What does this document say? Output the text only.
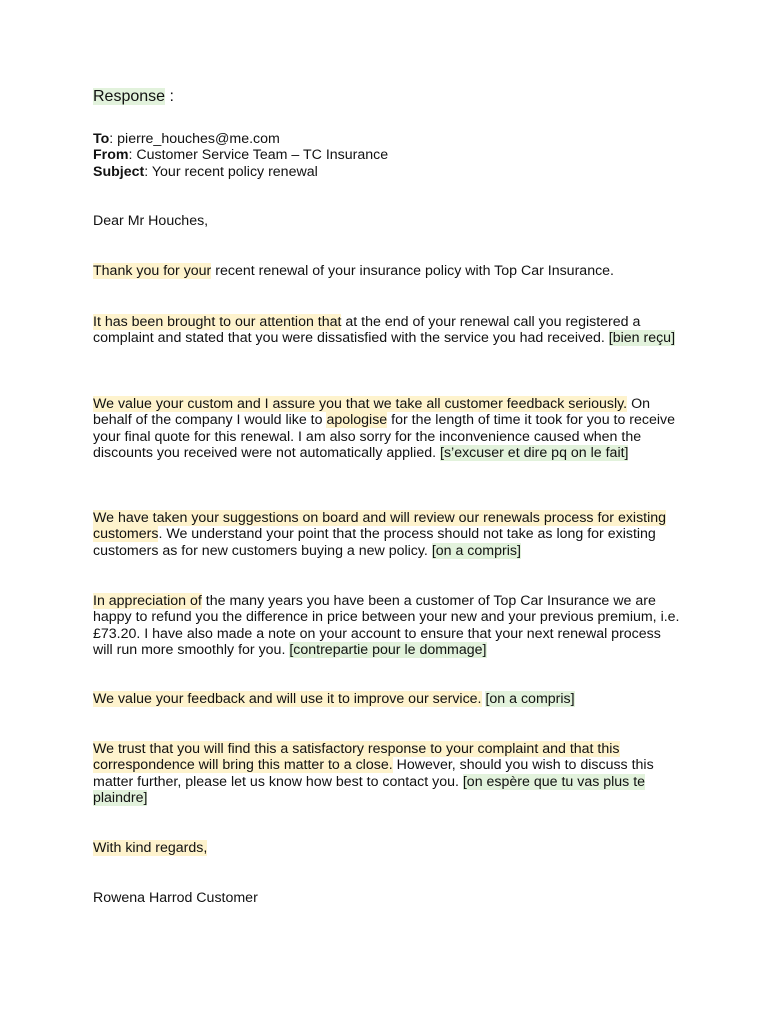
Response :

To: pierre_houches@me.com
From: Customer Service Team – TC Insurance
Subject: Your recent policy renewal

Dear Mr Houches,

Thank you for your recent renewal of your insurance policy with Top Car Insurance.

It has been brought to our attention that at the end of your renewal call you registered a complaint and stated that you were dissatisfied with the service you had received. [bien reçu]

We value your custom and I assure you that we take all customer feedback seriously. On behalf of the company I would like to apologise for the length of time it took for you to receive your final quote for this renewal. I am also sorry for the inconvenience caused when the discounts you received were not automatically applied. [s’excuser et dire pq on le fait]

We have taken your suggestions on board and will review our renewals process for existing customers. We understand your point that the process should not take as long for existing customers as for new customers buying a new policy. [on a compris]

In appreciation of the many years you have been a customer of Top Car Insurance we are happy to refund you the difference in price between your new and your previous premium, i.e. £73.20. I have also made a note on your account to ensure that your next renewal process will run more smoothly for you. [contrepartie pour le dommage]

We value your feedback and will use it to improve our service. [on a compris]

We trust that you will find this a satisfactory response to your complaint and that this correspondence will bring this matter to a close. However, should you wish to discuss this matter further, please let us know how best to contact you. [on espère que tu vas plus te plaindre]

With kind regards,

Rowena Harrod Customer
